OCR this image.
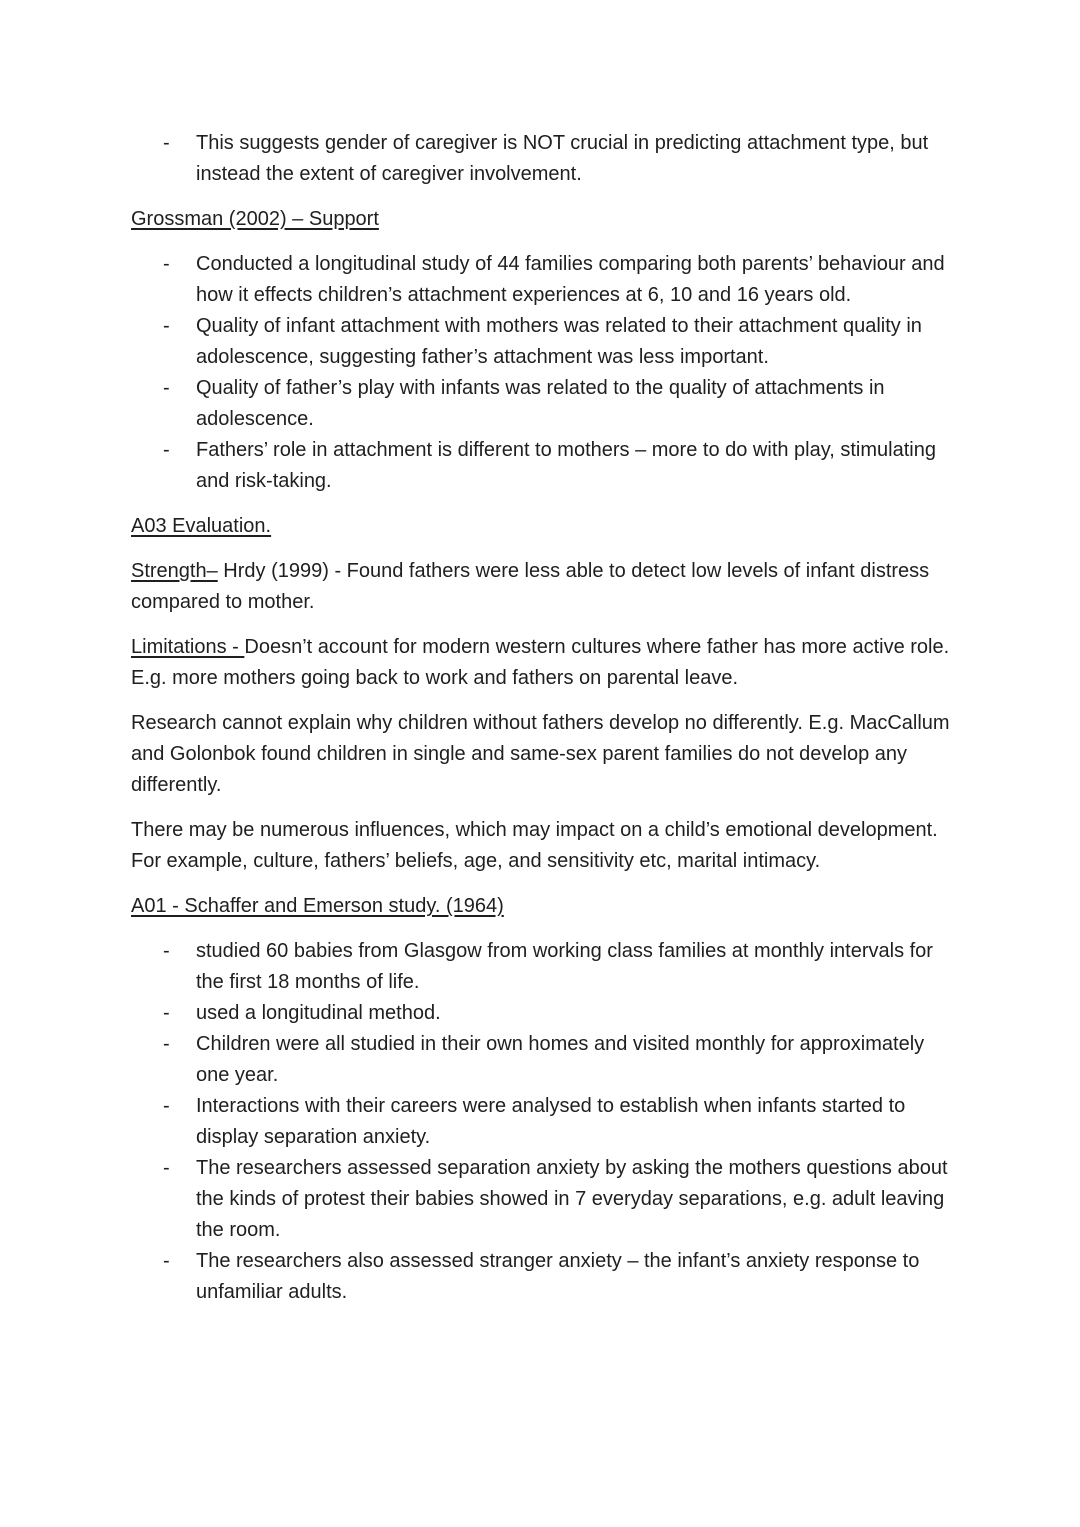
- This suggests gender of caregiver is NOT crucial in predicting attachment type, but instead the extent of caregiver involvement.

Grossman (2002) – Support

- Conducted a longitudinal study of 44 families comparing both parents’ behaviour and how it effects children’s attachment experiences at 6, 10 and 16 years old.
- Quality of infant attachment with mothers was related to their attachment quality in adolescence, suggesting father’s attachment was less important.
- Quality of father’s play with infants was related to the quality of attachments in adolescence.
- Fathers’ role in attachment is different to mothers – more to do with play, stimulating and risk-taking.

A03 Evaluation.

Strength– Hrdy (1999) - Found fathers were less able to detect low levels of infant distress compared to mother.

Limitations - Doesn’t account for modern western cultures where father has more active role. E.g. more mothers going back to work and fathers on parental leave.

Research cannot explain why children without fathers develop no differently. E.g. MacCallum and Golonbok found children in single and same-sex parent families do not develop any differently.

There may be numerous influences, which may impact on a child’s emotional development. For example, culture, fathers’ beliefs, age, and sensitivity etc, marital intimacy.

A01 - Schaffer and Emerson study. (1964)

- studied 60 babies from Glasgow from working class families at monthly intervals for the first 18 months of life.
- used a longitudinal method.
- Children were all studied in their own homes and visited monthly for approximately one year.
- Interactions with their careers were analysed to establish when infants started to display separation anxiety.
- The researchers assessed separation anxiety by asking the mothers questions about the kinds of protest their babies showed in 7 everyday separations, e.g. adult leaving the room.
- The researchers also assessed stranger anxiety – the infant’s anxiety response to unfamiliar adults.
